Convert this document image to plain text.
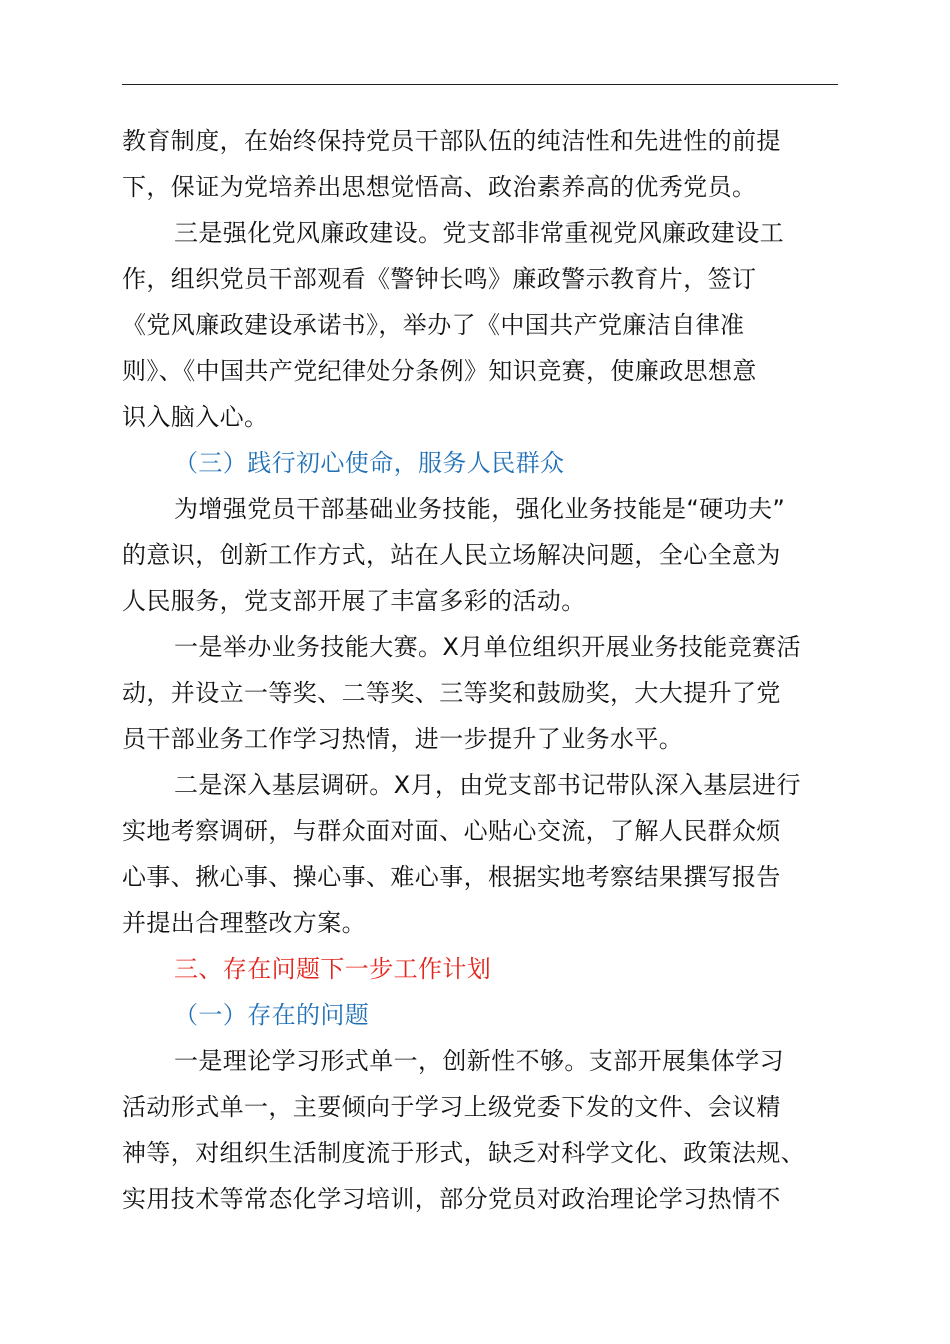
教育制度，在始终保持党员干部队伍的纯洁性和先进性的前提
下，保证为党培养出思想觉悟高、政治素养高的优秀党员。
三是强化党风廉政建设。党支部非常重视党风廉政建设工
作，组织党员干部观看《警钟长鸣》廉政警示教育片，签订
《党风廉政建设承诺书》，举办了《中国共产党廉洁自律准
则》、《中国共产党纪律处分条例》知识竞赛，使廉政思想意
识入脑入心。
（三）践行初心使命，服务人民群众
为增强党员干部基础业务技能，强化业务技能是“硬功夫”
的意识，创新工作方式，站在人民立场解决问题，全心全意为
人民服务，党支部开展了丰富多彩的活动。
一是举办业务技能大赛。X月单位组织开展业务技能竞赛活
动，并设立一等奖、二等奖、三等奖和鼓励奖，大大提升了党
员干部业务工作学习热情，进一步提升了业务水平。
二是深入基层调研。X月，由党支部书记带队深入基层进行
实地考察调研，与群众面对面、心贴心交流，了解人民群众烦
心事、揪心事、操心事、难心事，根据实地考察结果撰写报告
并提出合理整改方案。
三、存在问题下一步工作计划
（一）存在的问题
一是理论学习形式单一，创新性不够。支部开展集体学习
活动形式单一，主要倾向于学习上级党委下发的文件、会议精
神等，对组织生活制度流于形式，缺乏对科学文化、政策法规、
实用技术等常态化学习培训，部分党员对政治理论学习热情不
